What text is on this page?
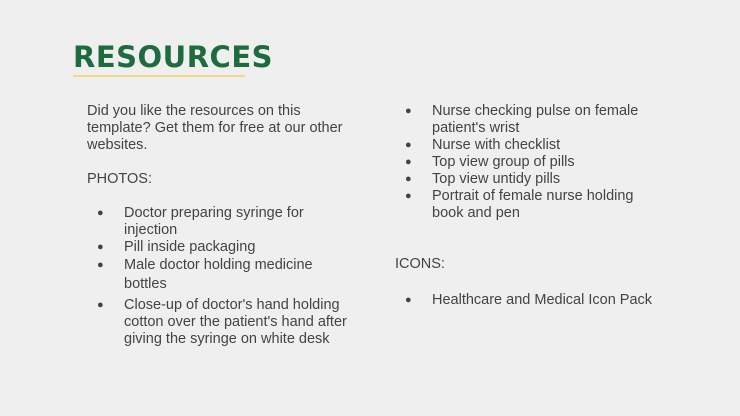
RESOURCES

Did you like the resources on this template? Get them for free at our other websites.

PHOTOS:

● Doctor preparing syringe for injection
● Pill inside packaging
● Male doctor holding medicine bottles
● Close-up of doctor's hand holding cotton over the patient's hand after giving the syringe on white desk
● Nurse checking pulse on female patient's wrist
● Nurse with checklist
● Top view group of pills
● Top view untidy pills
● Portrait of female nurse holding book and pen

ICONS:

● Healthcare and Medical Icon Pack
